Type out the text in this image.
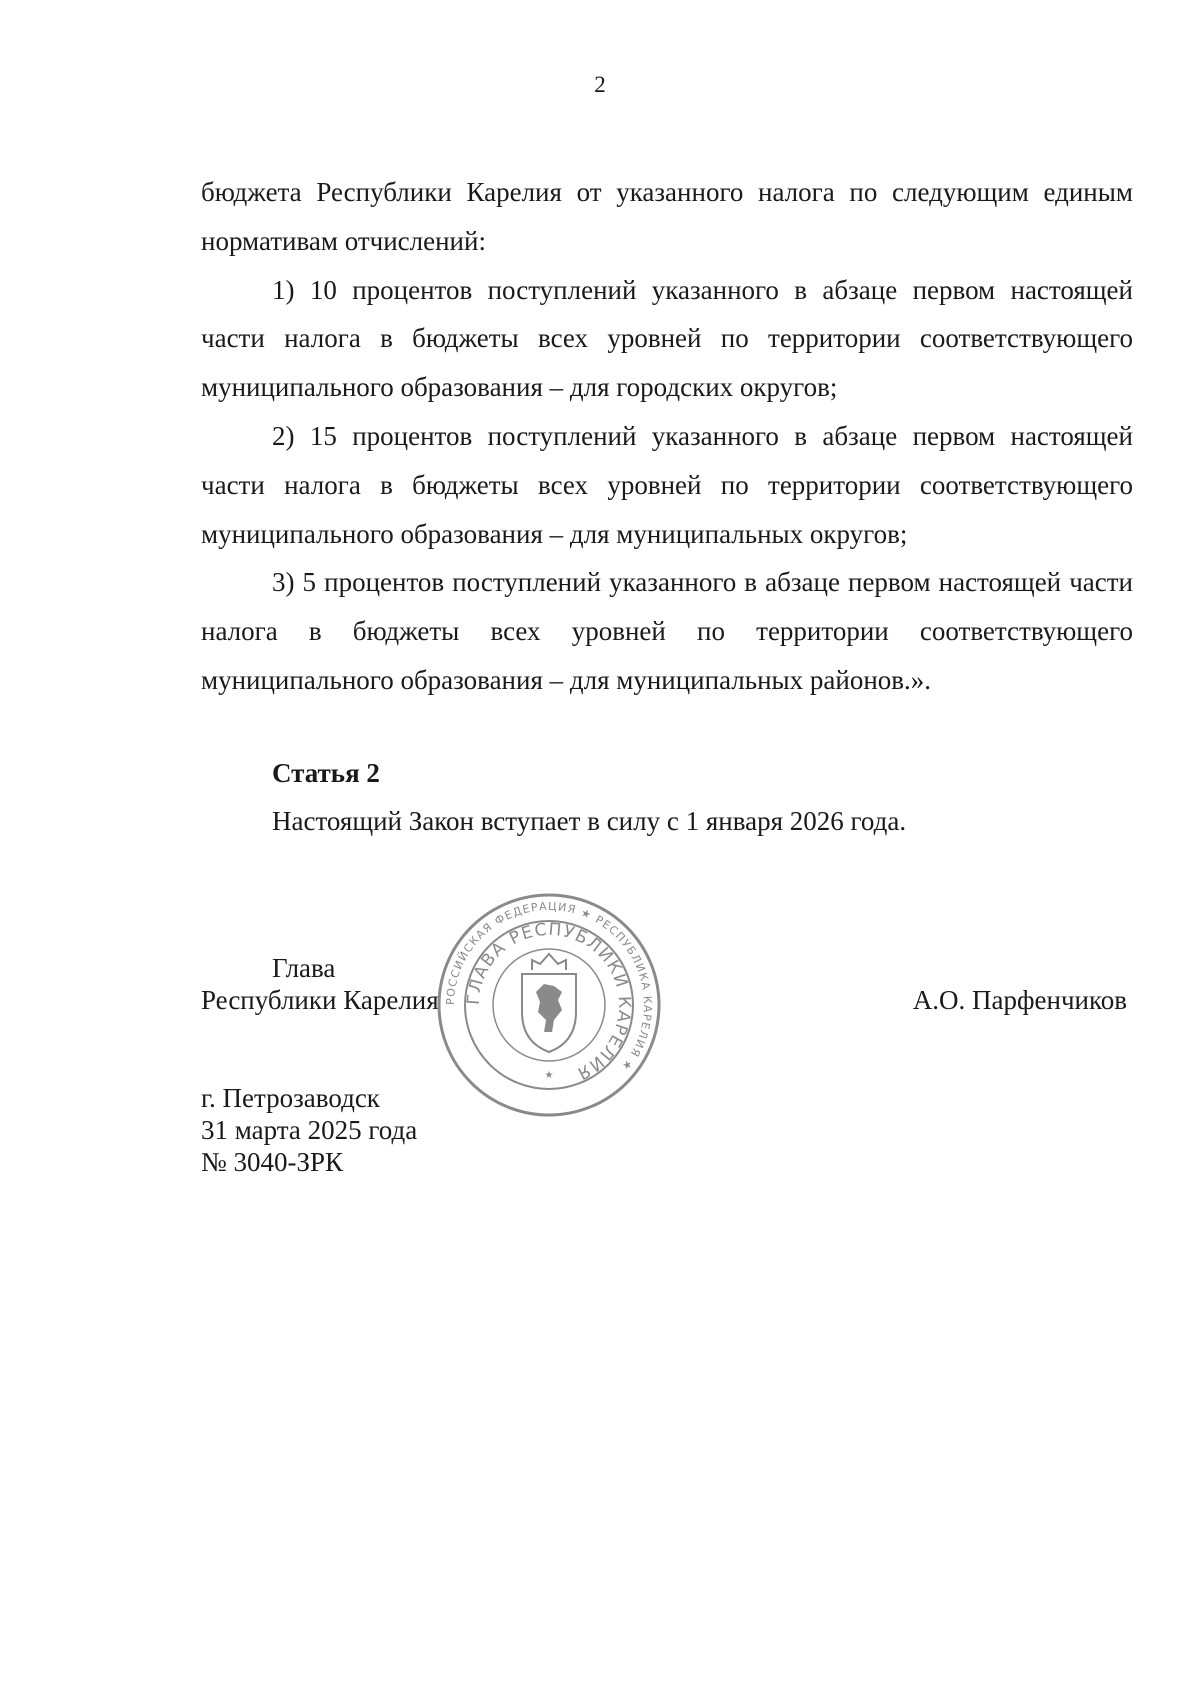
2

бюджета Республики Карелия от указанного налога по следующим единым нормативам отчислений:

1) 10 процентов поступлений указанного в абзаце первом настоящей части налога в бюджеты всех уровней по территории соответствующего муниципального образования – для городских округов;

2) 15 процентов поступлений указанного в абзаце первом настоящей части налога в бюджеты всех уровней по территории соответствующего муниципального образования – для муниципальных округов;

3) 5 процентов поступлений указанного в абзаце первом настоящей части налога в бюджеты всех уровней по территории соответствующего муниципального образования – для муниципальных районов.».

Статья 2
Настоящий Закон вступает в силу с 1 января 2026 года.
Глава
Республики Карелия	А.О. Парфенчиков
г. Петрозаводск
31 марта 2025 года
№ 3040-ЗРК
РОССИЙСКАЯ ФЕДЕРАЦИЯ ★ РЕСПУБЛИКА КАРЕЛИЯ ★
ГЛАВА РЕСПУБЛИКИ КАРЕЛИЯ
★
